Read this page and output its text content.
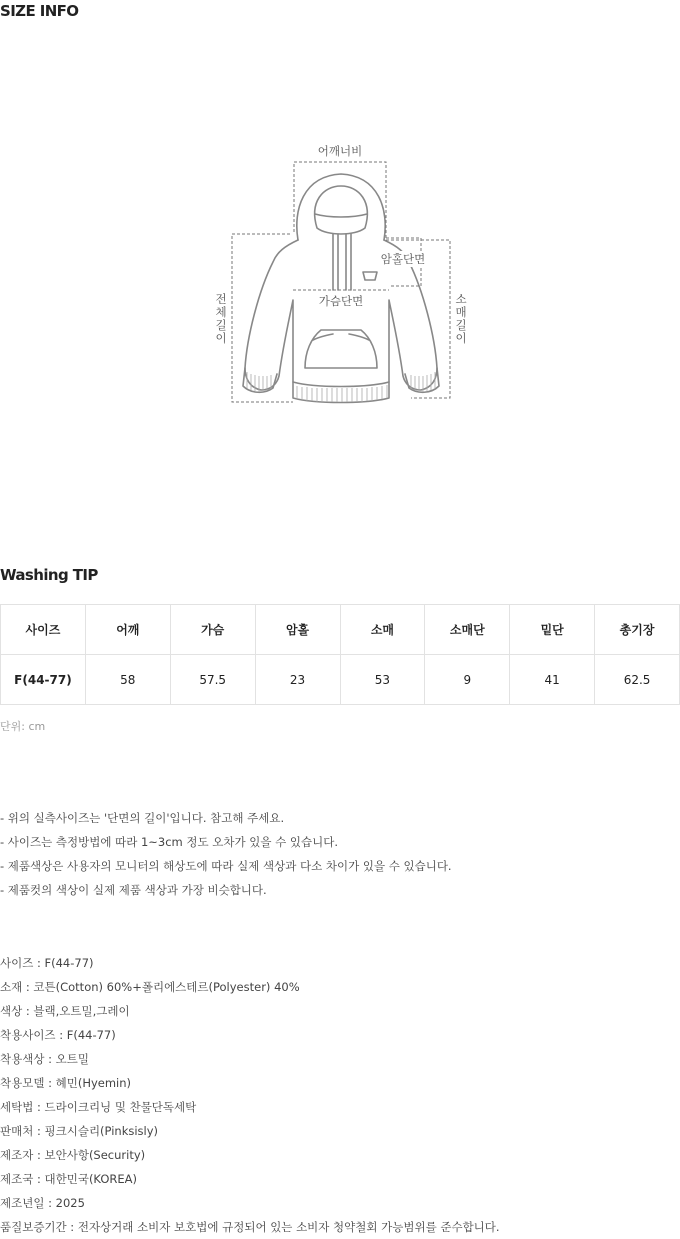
SIZE INFO
어깨너비
암홀단면
가슴단면
전
체
길
이
소
매
길
이
Washing TIP
사이즈	어깨	가슴	암홀	소매	소매단	밑단	총기장
F(44-77)	58	57.5	23	53	9	41	62.5
단위: cm
- 위의 실측사이즈는 '단면의 길이'입니다. 참고해 주세요.
- 사이즈는 측정방법에 따라 1~3cm 정도 오차가 있을 수 있습니다.
- 제품색상은 사용자의 모니터의 해상도에 따라 실제 색상과 다소 차이가 있을 수 있습니다.
- 제품컷의 색상이 실제 제품 색상과 가장 비슷합니다.
사이즈 : F(44-77)
소재 : 코튼(Cotton) 60%+폴리에스테르(Polyester) 40%
색상 : 블랙,오트밀,그레이
착용사이즈 : F(44-77)
착용색상 : 오트밀
착용모델 : 혜민(Hyemin)
세탁법 : 드라이크리닝 및 찬물단독세탁
판매처 : 핑크시슬리(Pinksisly)
제조자 : 보안사항(Security)
제조국 : 대한민국(KOREA)
제조년일 : 2025
품질보증기간 : 전자상거래 소비자 보호법에 규정되어 있는 소비자 청약철회 가능범위를 준수합니다.
